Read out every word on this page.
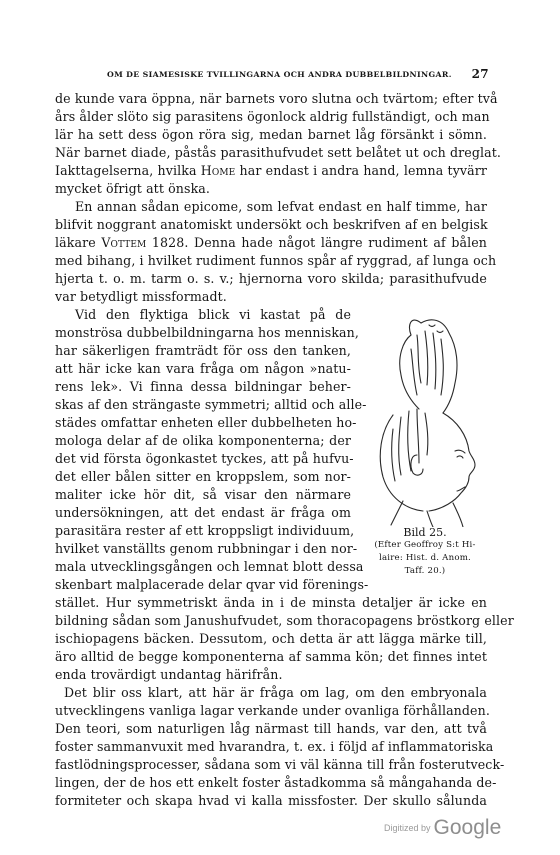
OM DE SIAMESISKE TVILLINGARNA OCH ANDRA DUBBELBILDNINGAR. 27
de kunde vara öppna, när barnets voro slutna och tvärtom; efter två
års ålder slöto sig parasitens ögonlock aldrig fullständigt, och man
lär ha sett dess ögon röra sig, medan barnet låg försänkt i sömn.
När barnet diade, påstås parasithufvudet sett belåtet ut och dreglat.
Iakttagelserna, hvilka Home har endast i andra hand, lemna tyvärr
mycket öfrigt att önska.
En annan sådan epicome, som lefvat endast en half timme, har
blifvit noggrant anatomiskt undersökt och beskrifven af en belgisk
läkare Vottem 1828. Denna hade något längre rudiment af bålen
med bihang, i hvilket rudiment funnos spår af ryggrad, af lunga och
hjerta t. o. m. tarm o. s. v.; hjernorna voro skilda; parasithufvude
var betydligt missformadt.
Vid den flyktiga blick vi kastat på de
monströsa dubbelbildningarna hos menniskan,
har säkerligen framträdt för oss den tanken,
att här icke kan vara fråga om någon »natu-
rens lek». Vi finna dessa bildningar beher-
skas af den strängaste symmetri; alltid och alle-
städes omfattar enheten eller dubbelheten ho-
mologa delar af de olika komponenterna; der
det vid första ögonkastet tyckes, att på hufvu-
det eller bålen sitter en kroppslem, som nor-
maliter icke hör dit, så visar den närmare
undersökningen, att det endast är fråga om
parasitära rester af ett kroppsligt individuum,
hvilket vanställts genom rubbningar i den nor-
mala utvecklingsgången och lemnat blott dessa
skenbart malplacerade delar qvar vid förenings-
stället. Hur symmetriskt ända in i de minsta detaljer är icke en
bildning sådan som Janushufvudet, som thoracopagens bröstkorg eller
ischiopagens bäcken. Dessutom, och detta är att lägga märke till,
äro alltid de begge komponenterna af samma kön; det finnes intet
enda trovärdigt undantag härifrån.
Det blir oss klart, att här är fråga om lag, om den embryonala
utvecklingens vanliga lagar verkande under ovanliga förhållanden.
Den teori, som naturligen låg närmast till hands, var den, att två
foster sammanvuxit med hvarandra, t. ex. i följd af inflammatoriska
fastlödningsprocesser, sådana som vi väl känna till från fosterutveck-
lingen, der de hos ett enkelt foster åstadkomma så mångahanda de-
formiteter och skapa hvad vi kalla missfoster. Der skullo sålunda
Bild 25.
(Efter Geoffroy S:t Hi-
laire: Hist. d. Anom.
Taff. 20.)
Digitized by Google
